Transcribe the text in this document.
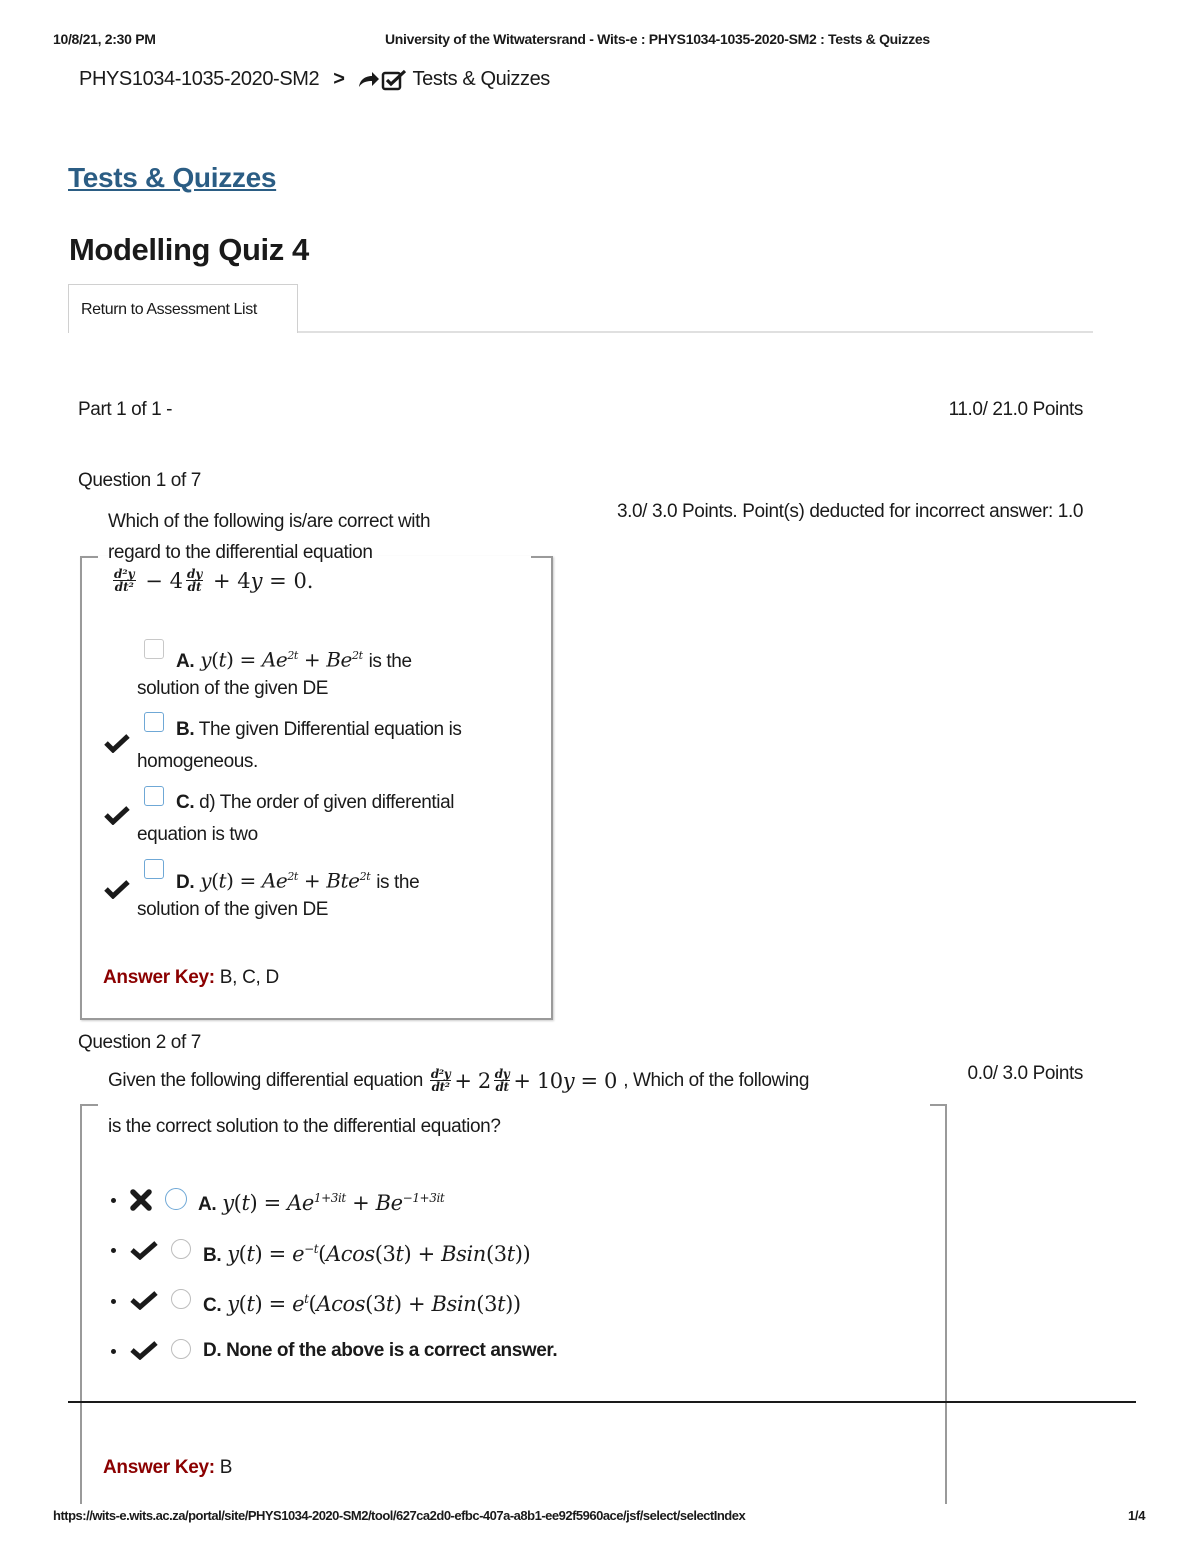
10/8/21, 2:30 PM	University of the Witwatersrand - Wits-e : PHYS1034-1035-2020-SM2 : Tests & Quizzes
PHYS1034-1035-2020-SM2 >	Tests & Quizzes
Tests & Quizzes
Modelling Quiz 4
Return to Assessment List
Part 1 of 1 -	11.0/ 21.0 Points
Question 1 of 7
3.0/ 3.0 Points. Point(s) deducted for incorrect answer: 1.0
Which of the following is/are correct with
regard to the differential equation
$\frac{\text{d²y}}{\text{dt²}} - 4 \frac{dy}{dt} + 4$ y = 0.
A. $y(t) = Ae^{2t} + Be^{2t}$ is the
solution of the given DE
B. The given Differential equation is
homogeneous.
C. d) The order of given differential
equation is two
D. $y(t) = Ae^{2t} + Bte^{2t}$ is the
solution of the given DE
Answer Key: B, C, D
Question 2 of 7
0.0/ 3.0 Points
Given the following differential equation $\frac{\text{d²y}}{\text{dt²}} + 2 \frac{dy}{dt} + 10$ y = 0 , Which of the following
is the correct solution to the differential equation?
A. $y(t) = Ae^{1+3it} + Be^{-1+3it}$
B. $y(t) = e^{-t}(Acos(3t) + Bsin(3t))$
C. $y(t) = e^t(Acos(3t) + Bsin(3t))$
D. None of the above is a correct answer.
Answer Key: B
https://wits-e.wits.ac.za/portal/site/PHYS1034-2020-SM2/tool/627ca2d0-efbc-407a-a8b1-ee92f5960ace/jsf/select/selectIndex	1/4
